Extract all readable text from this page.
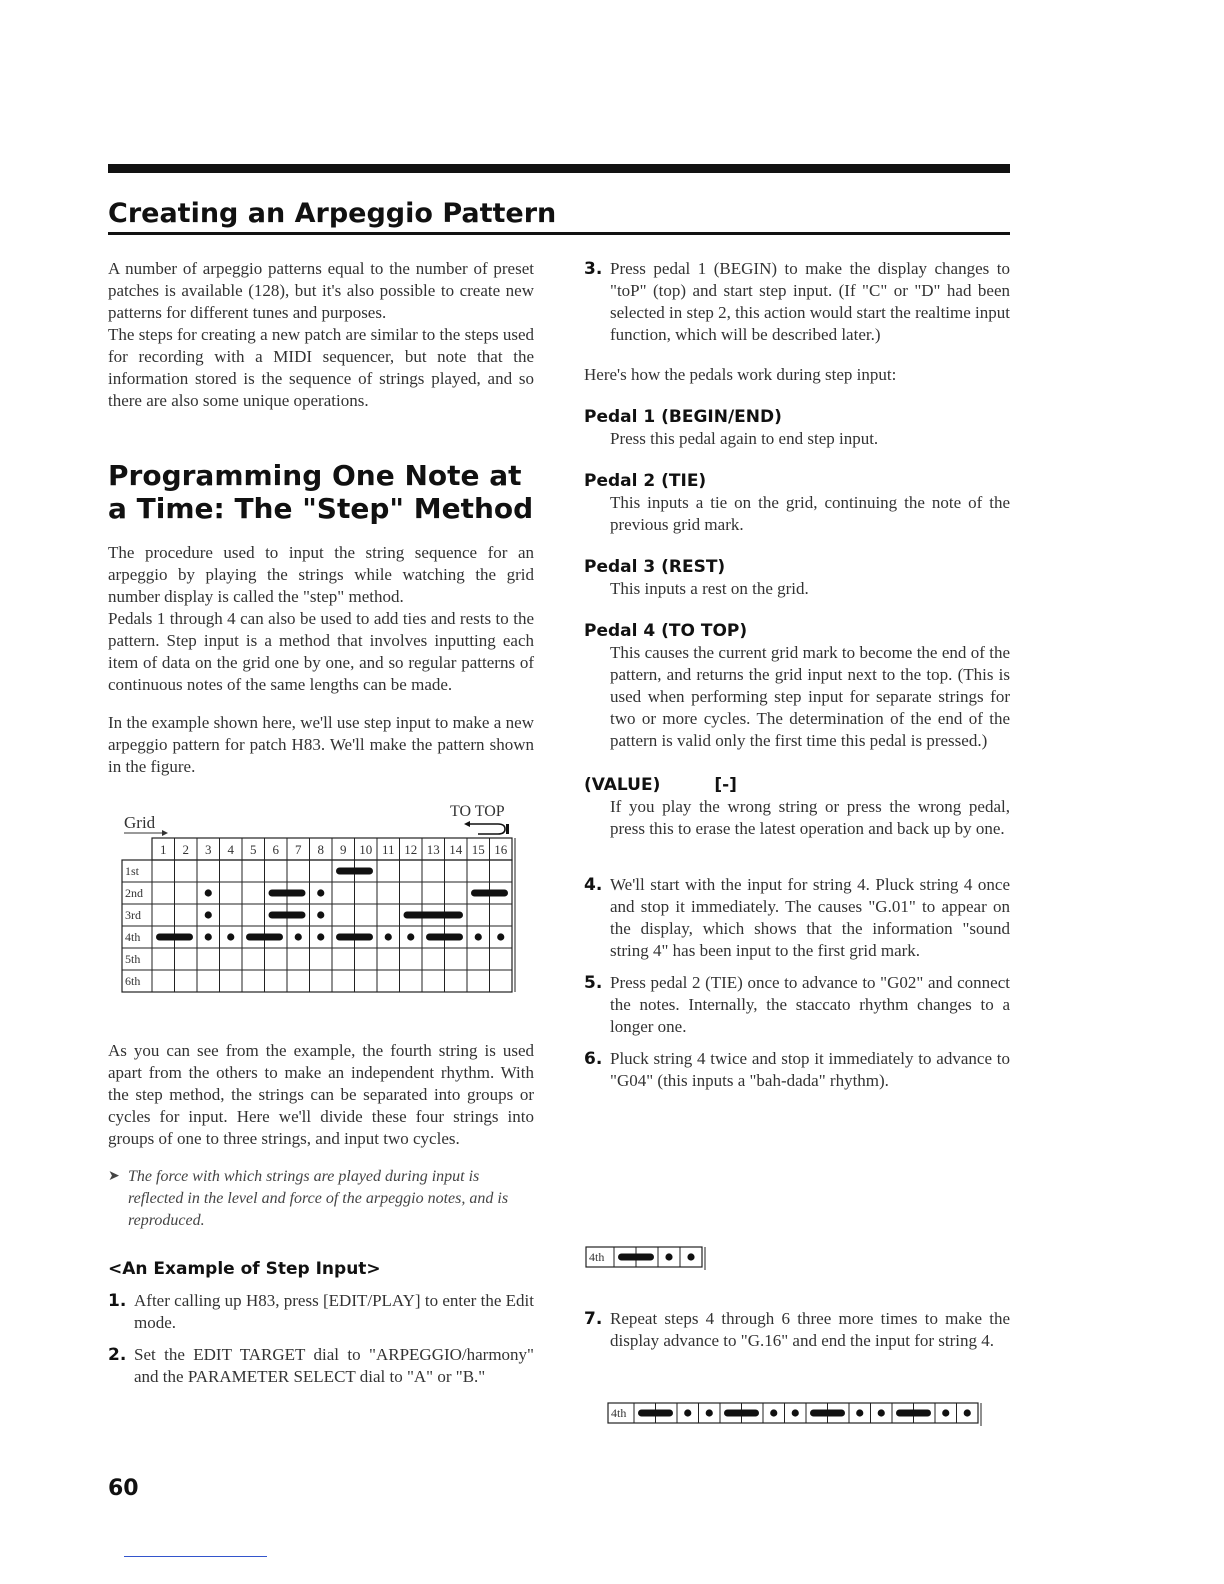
Creating an Arpeggio Pattern

A number of arpeggio patterns equal to the number of preset patches is available (128), but it's also possible to create new patterns for different tunes and purposes.

The steps for creating a new patch are similar to the steps used for recording with a MIDI sequencer, but note that the information stored is the sequence of strings played, and so there are also some unique operations.

Programming One Note at a Time: The "Step" Method

The procedure used to input the string sequence for an arpeggio by playing the strings while watching the grid number display is called the "step" method.

Pedals 1 through 4 can also be used to add ties and rests to the pattern. Step input is a method that involves inputting each item of data on the grid one by one, and so regular patterns of continuous notes of the same lengths can be made.

In the example shown here, we'll use step input to make a new arpeggio pattern for patch H83. We'll make the pattern shown in the figure.

Grid
TO TOP
1 2 3 4 5 6 7 8 9 10 11 12 13 14 15 16
1st
2nd
3rd
4th
5th
6th

As you can see from the example, the fourth string is used apart from the others to make an independent rhythm. With the step method, the strings can be separated into groups or cycles for input. Here we'll divide these four strings into groups of one to three strings, and input two cycles.

➤ The force with which strings are played during input is reflected in the level and force of the arpeggio notes, and is reproduced.
<An Example of Step Input>
1. After calling up H83, press [EDIT/PLAY] to enter the Edit mode.
2. Set the EDIT TARGET dial to "ARPEGGIO/harmony" and the PARAMETER SELECT dial to "A" or "B."
3. Press pedal 1 (BEGIN) to make the display changes to "toP" (top) and start step input. (If "C" or "D" had been selected in step 2, this action would start the realtime input function, which will be described later.)

Here's how the pedals work during step input:

Pedal 1 (BEGIN/END)

Press this pedal again to end step input.

Pedal 2 (TIE)

This inputs a tie on the grid, continuing the note of the previous grid mark.

Pedal 3 (REST)

This inputs a rest on the grid.

Pedal 4 (TO TOP)

This causes the current grid mark to become the end of the pattern, and returns the grid input next to the top. (This is used when performing step input for separate strings for two or more cycles. The determination of the end of the pattern is valid only the first time this pedal is pressed.)

(VALUE)	[-]

If you play the wrong string or press the wrong pedal, press this to erase the latest operation and back up by one.

4. We'll start with the input for string 4. Pluck string 4 once and stop it immediately. The causes "G.01" to appear on the display, which shows that the information "sound string 4" has been input to the first grid mark.
5. Press pedal 2 (TIE) once to advance to "G02" and connect the notes. Internally, the staccato rhythm changes to a longer one.
6. Pluck string 4 twice and stop it immediately to advance to "G04" (this inputs a "bah-dada" rhythm).
4th
7. Repeat steps 4 through 6 three more times to make the display advance to "G.16" and end the input for string 4.
4th
60
